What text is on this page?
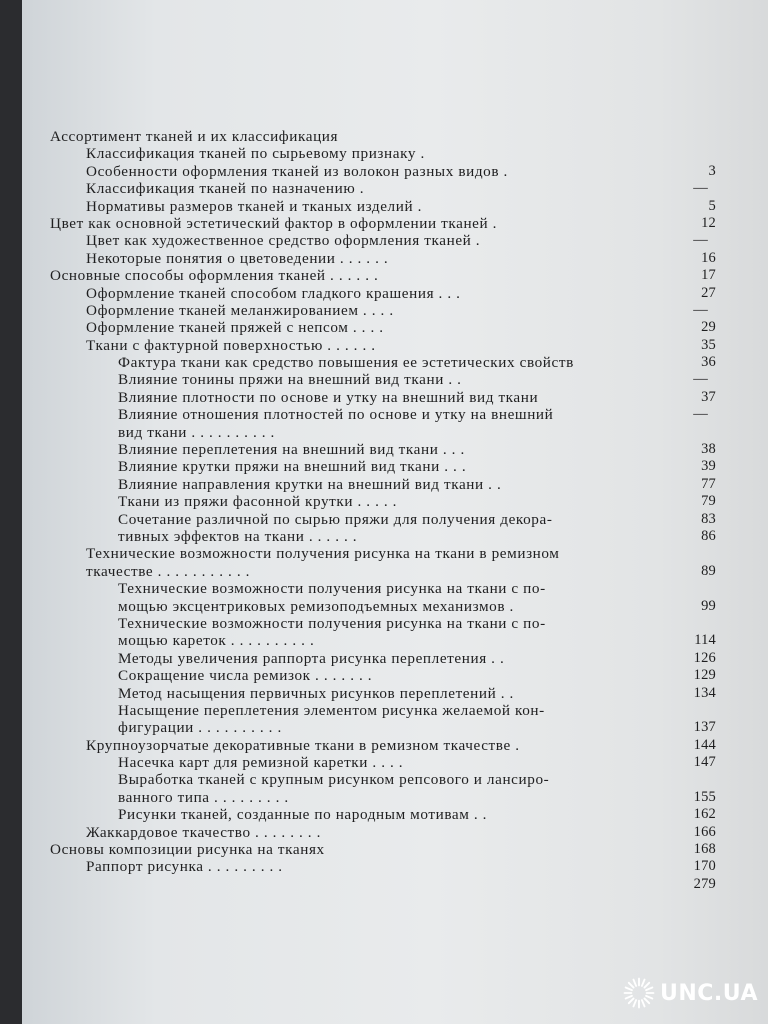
Ассортимент тканей и их классификация
Классификация тканей по сырьевому признаку .
Особенности оформления тканей из волокон разных видов .	3
Классификация тканей по назначению .	—
Нормативы размеров тканей и тканых изделий .	5
Цвет как основной эстетический фактор в оформлении тканей .	12
Цвет как художественное средство оформления тканей .	—
Некоторые понятия о цветоведении . . . . . .	16
Основные способы оформления тканей . . . . . .	17
Оформление тканей способом гладкого крашения . . .	27
Оформление тканей меланжированием . . . .	—
Оформление тканей пряжей с непсом . . . .	29
Ткани с фактурной поверхностью . . . . . .	35
Фактура ткани как средство повышения ее эстетических свойств	36
Влияние тонины пряжи на внешний вид ткани . .	—
Влияние плотности по основе и утку на внешний вид ткани	37
Влияние отношения плотностей по основе и утку на внешний	—
вид ткани . . . . . . . . . .
Влияние переплетения на внешний вид ткани . . .	38
Влияние крутки пряжи на внешний вид ткани . . .	39
Влияние направления крутки на внешний вид ткани . .	77
Ткани из пряжи фасонной крутки . . . . .	79
Сочетание различной по сырью пряжи для получения декора-	83
тивных эффектов на ткани . . . . . .	86
Технические возможности получения рисунка на ткани в ремизном
ткачестве . . . . . . . . . . .	89
Технические возможности получения рисунка на ткани с по-
мощью эксцентриковых ремизоподъемных механизмов .	99
Технические возможности получения рисунка на ткани с по-
мощью кареток . . . . . . . . . .	114
Методы увеличения раппорта рисунка переплетения . .	126
Сокращение числа ремизок . . . . . . .	129
Метод насыщения первичных рисунков переплетений . .	134
Насыщение переплетения элементом рисунка желаемой кон-
фигурации . . . . . . . . . .	137
Крупноузорчатые декоративные ткани в ремизном ткачестве .	144
Насечка карт для ремизной каретки . . . .	147
Выработка тканей с крупным рисунком репсового и лансиро-
ванного типа . . . . . . . . .	155
Рисунки тканей, созданные по народным мотивам . .	162
Жаккардовое ткачество . . . . . . . .	166
Основы композиции рисунка на тканях	168
Раппорт рисунка . . . . . . . . .	170
279
UNC.UA
